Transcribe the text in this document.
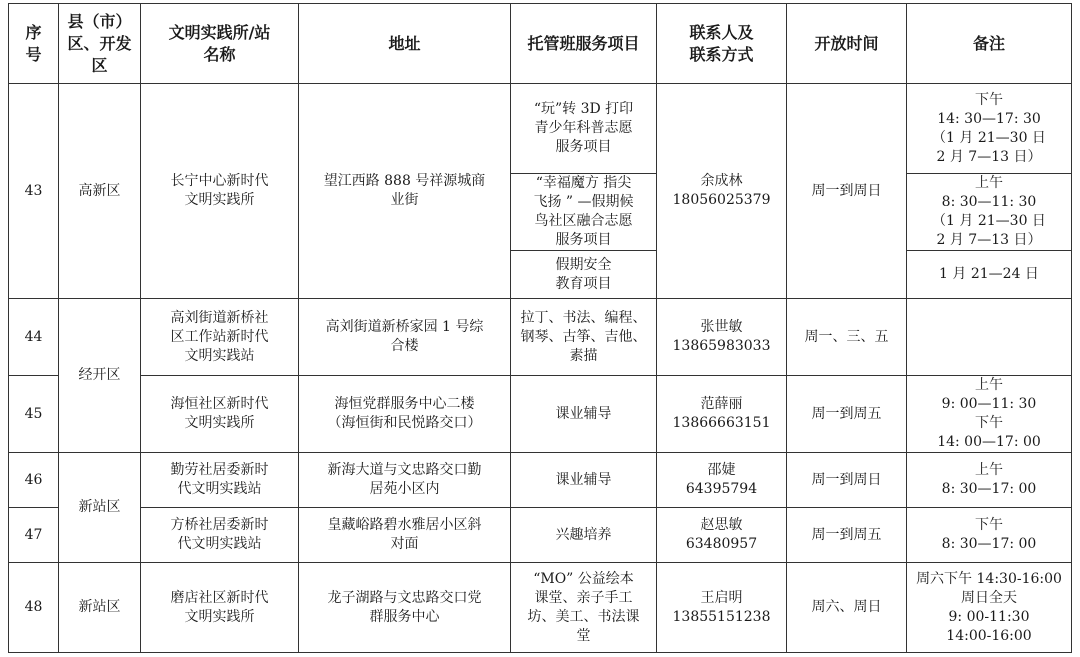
序
号	县（市）
区、开发
区	文明实践所/站
名称	地址	托管班服务项目	联系人及
联系方式	开放时间	备注
43	高新区	长宁中心新时代
文明实践所	望江西路 888 号祥源城商
业街	“玩”转 3D 打印
青少年科普志愿
服务项目	余成林
18056025379	周一到周日	下午
14: 30—17: 30
（1 月 21—30 日
2 月 7—13 日）
				“幸福魔方 指尖
飞扬 ” —假期候
鸟社区融合志愿
服务项目			上午
8: 30—11: 30
（1 月 21—30 日
2 月 7—13 日）
				假期安全
教育项目			1 月 21—24 日
44	经开区	高刘街道新桥社
区工作站新时代
文明实践站	高刘街道新桥家园 1 号综
合楼	拉丁、书法、编程、
钢琴、古筝、吉他、
素描	张世敏
13865983033	周一、三、五	
45		海恒社区新时代
文明实践所	海恒党群服务中心二楼
（海恒街和民悦路交口）	课业辅导	范薛丽
13866663151	周一到周五	上午
9: 00—11: 30
下午
14: 00—17: 00
46	新站区	勤劳社居委新时
代文明实践站	新海大道与文忠路交口勤
居苑小区内	课业辅导	邵婕
64395794	周一到周日	上午
8: 30—17: 00
47		方桥社居委新时
代文明实践站	皇藏峪路碧水雅居小区斜
对面	兴趣培养	赵思敏
63480957	周一到周五	下午
8: 30—17: 00
48	新站区	磨店社区新时代
文明实践所	龙子湖路与文忠路交口党
群服务中心	“MO” 公益绘本
课堂、亲子手工
坊、美工、书法课
堂	王启明
13855151238	周六、周日	周六下午 14:30-16:00
周日全天
9: 00-11:30
14:00-16:00
